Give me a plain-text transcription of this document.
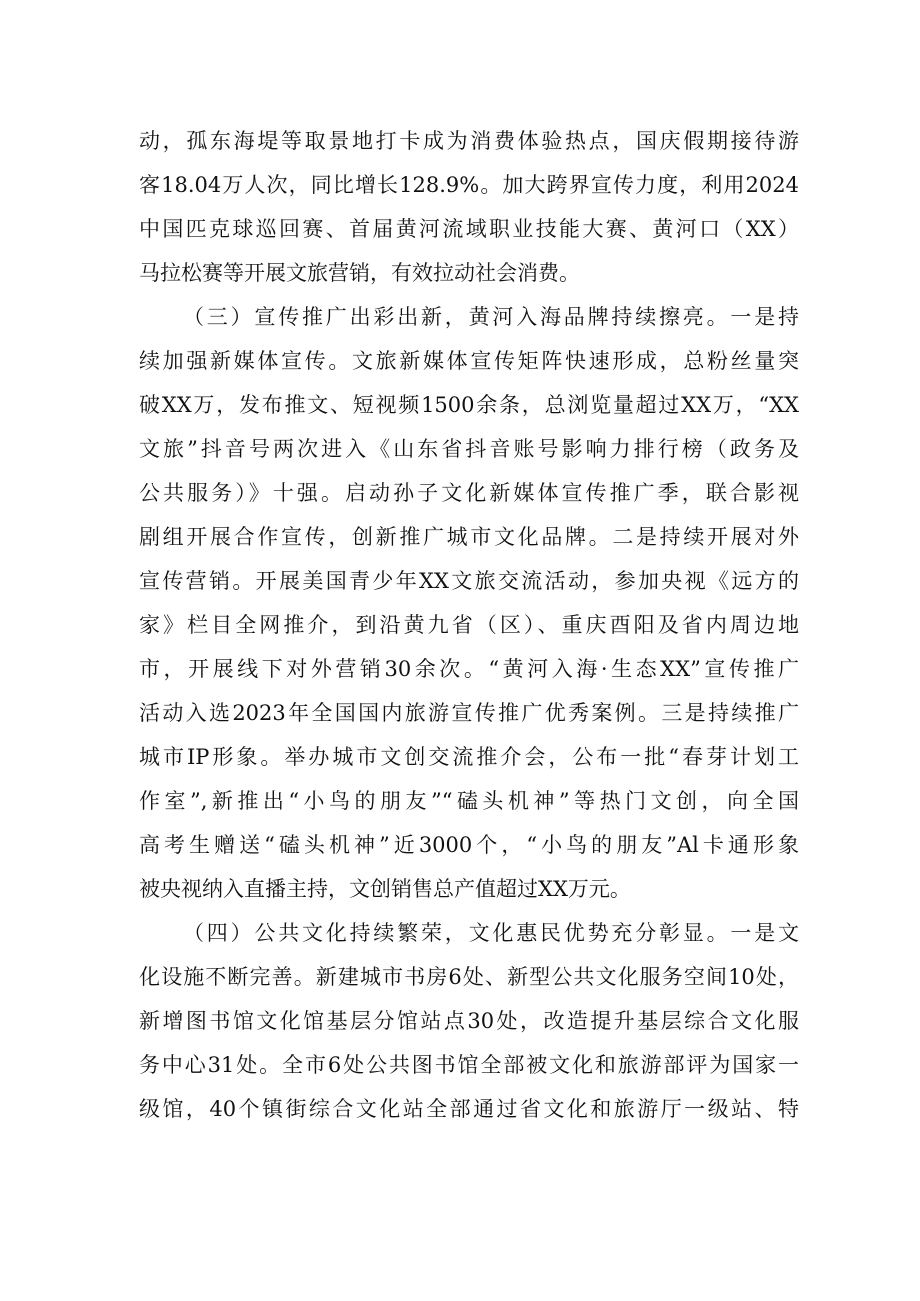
动，孤东海堤等取景地打卡成为消费体验热点，国庆假期接待游

客18.04万人次，同比增长128.9%。加大跨界宣传力度，利用2024

中国匹克球巡回赛、首届黄河流域职业技能大赛、黄河口（XX）

马拉松赛等开展文旅营销，有效拉动社会消费。

（三）宣传推广出彩出新，黄河入海品牌持续擦亮。一是持

续加强新媒体宣传。文旅新媒体宣传矩阵快速形成，总粉丝量突

破XX万，发布推文、短视频1500余条，总浏览量超过XX万，“XX

文旅”抖音号两次进入《山东省抖音账号影响力排行榜（政务及

公共服务）》十强。启动孙子文化新媒体宣传推广季，联合影视

剧组开展合作宣传，创新推广城市文化品牌。二是持续开展对外

宣传营销。开展美国青少年XX文旅交流活动，参加央视《远方的

家》栏目全网推介，到沿黄九省（区）、重庆酉阳及省内周边地

市，开展线下对外营销30余次。“黄河入海·生态XX”宣传推广

活动入选2023年全国国内旅游宣传推广优秀案例。三是持续推广

城市IP形象。举办城市文创交流推介会，公布一批“春芽计划工

作室”,新推出“小鸟的朋友”“磕头机神”等热门文创，向全国

高考生赠送“磕头机神”近3000个，“小鸟的朋友”Al卡通形象

被央视纳入直播主持，文创销售总产值超过XX万元。

（四）公共文化持续繁荣，文化惠民优势充分彰显。一是文

化设施不断完善。新建城市书房6处、新型公共文化服务空间10处，

新增图书馆文化馆基层分馆站点30处，改造提升基层综合文化服

务中心31处。全市6处公共图书馆全部被文化和旅游部评为国家一

级馆，40个镇街综合文化站全部通过省文化和旅游厅一级站、特
